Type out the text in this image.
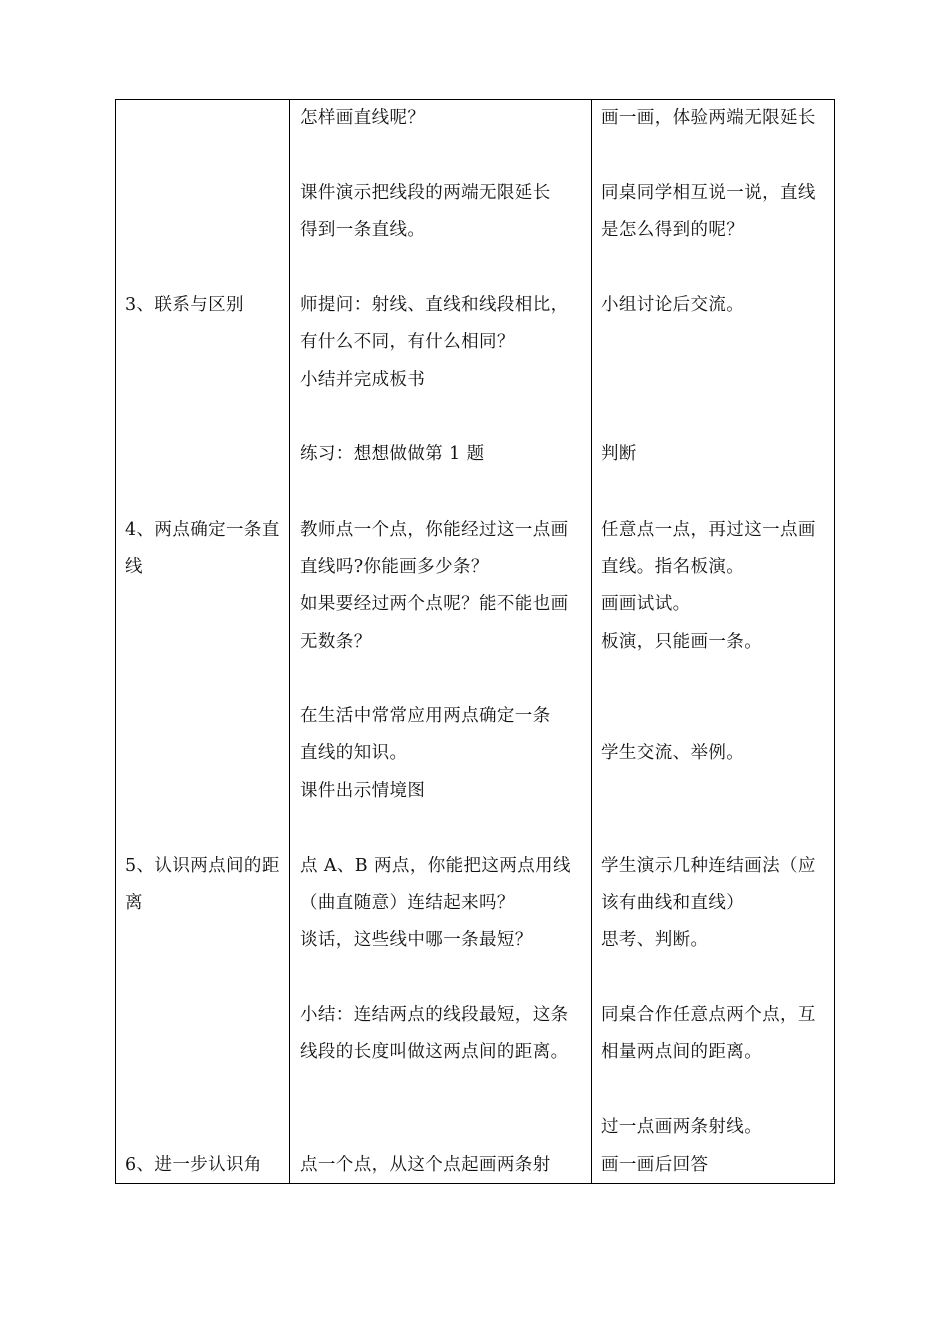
3、联系与区别
4、两点确定一条直
线
5、认识两点间的距
离
6、进一步认识角
怎样画直线呢？
课件演示把线段的两端无限延长
得到一条直线。
师提问：射线、直线和线段相比，
有什么不同，有什么相同？
小结并完成板书
练习：想想做做第 1 题
教师点一个点，你能经过这一点画
直线吗?你能画多少条？
如果要经过两个点呢？能不能也画
无数条？
在生活中常常应用两点确定一条
直线的知识。
课件出示情境图
点 A、B 两点，你能把这两点用线
（曲直随意）连结起来吗？
谈话，这些线中哪一条最短？
小结：连结两点的线段最短，这条
线段的长度叫做这两点间的距离。
点一个点，从这个点起画两条射
画一画，体验两端无限延长
同桌同学相互说一说，直线
是怎么得到的呢？
小组讨论后交流。
判断
任意点一点，再过这一点画
直线。指名板演。
画画试试。
板演，只能画一条。
学生交流、举例。
学生演示几种连结画法（应
该有曲线和直线）
思考、判断。
同桌合作任意点两个点，互
相量两点间的距离。
过一点画两条射线。
画一画后回答
